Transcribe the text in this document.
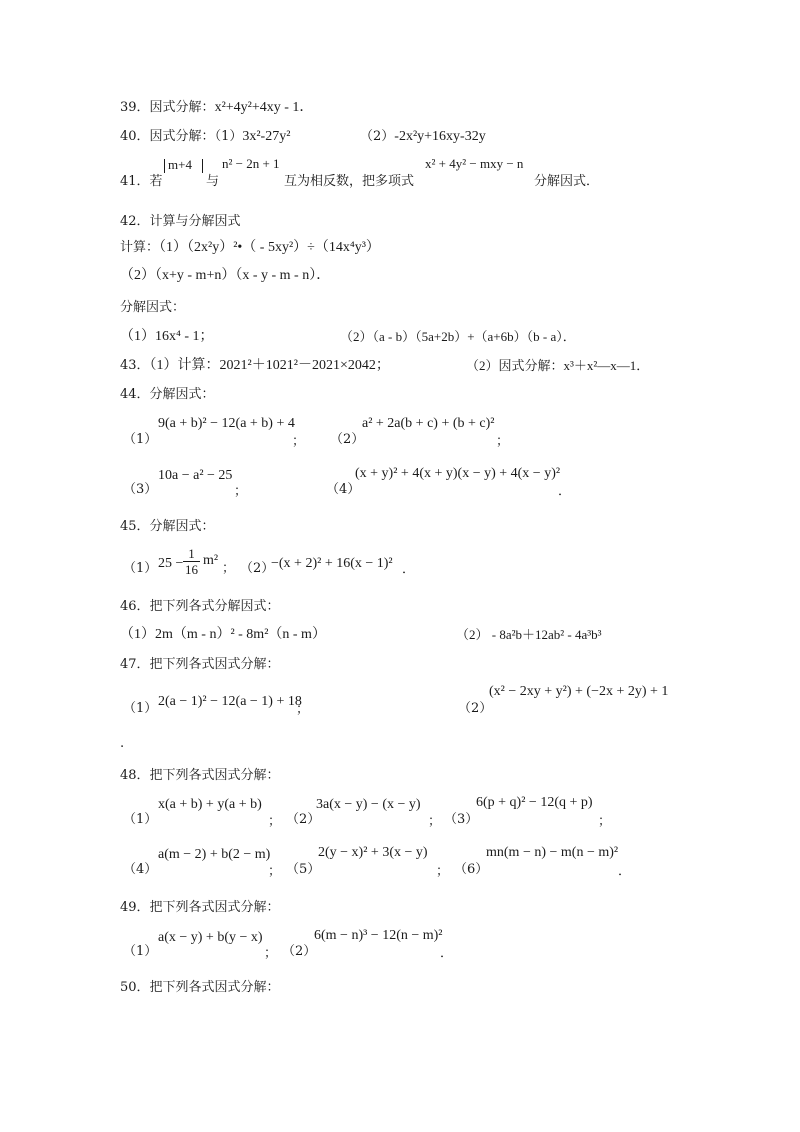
39．因式分解：x²+4y²+4xy - 1．
40．因式分解：（1）3x²-27y²	（2）-2x²y+16xy-32y
41．若
m+4
与
n² − 2n + 1
互为相反数，把多项式
x² + 4y² − mxy − n
分解因式．
42．计算与分解因式
计算：（1）（2x²y）²•（ - 5xy²）÷（14x⁴y³）
（2）（x+y - m+n）（x - y - m - n）．
分解因式：
（1）16x⁴ - 1；	（2）（a - b）（5a+2b）+（a+6b）（b - a）．
43．（1）计算：2021²＋1021²－2021×2042；	（2）因式分解：x³＋x²—x—1．
44．分解因式：
（1）
9(a + b)² − 12(a + b) + 4
； （2）
a² + 2a(b + c) + (b + c)²
；
（3）
10a − a² − 25
；	（4）
(x + y)² + 4(x + y)(x − y) + 4(x − y)²
．
45．分解因式：
（1） $25 - \frac{1}{16} m^2$
； （2）
−(x + 2)² + 16(x − 1)² ．
46．把下列各式分解因式：
（1）2m（m - n）² - 8m²（n - m）	（2） - 8a²b＋12ab² - 4a³b³
47．把下列各式因式分解：
（1） 2(a − 1)² − 12(a − 1) + 18
；	（2）
(x² − 2xy + y²) + (−2x + 2y) + 1
.
48．把下列各式因式分解：
（1）
x(a + b) + y(a + b)
； （2）
3a(x − y) − (x − y)
； （3）
6(p + q)² − 12(q + p)
；
（4）
a(m − 2) + b(2 − m)
； （5）
2(y − x)² + 3(x − y)
； （6）
mn(m − n) − m(n − m)²
．
49．把下列各式因式分解：
（1）
a(x − y) + b(y − x)
； （2）
6(m − n)³ − 12(n − m)²
．
50．把下列各式因式分解：
